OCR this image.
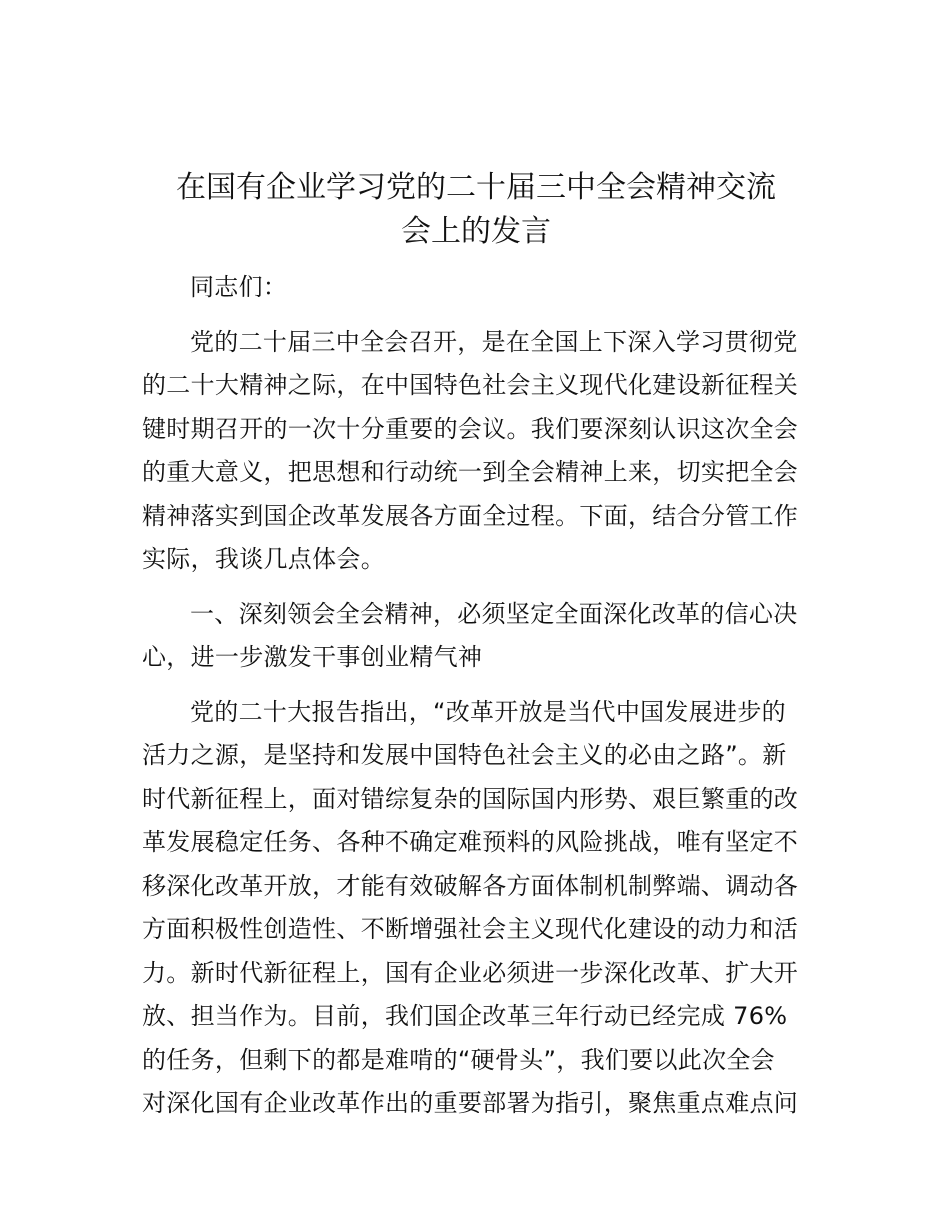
在国有企业学习党的二十届三中全会精神交流
会上的发言
同志们：
党的二十届三中全会召开，是在全国上下深入学习贯彻党
的二十大精神之际，在中国特色社会主义现代化建设新征程关
键时期召开的一次十分重要的会议。我们要深刻认识这次全会
的重大意义，把思想和行动统一到全会精神上来，切实把全会
精神落实到国企改革发展各方面全过程。下面，结合分管工作
实际，我谈几点体会。
一、深刻领会全会精神，必须坚定全面深化改革的信心决
心，进一步激发干事创业精气神
党的二十大报告指出，“改革开放是当代中国发展进步的
活力之源，是坚持和发展中国特色社会主义的必由之路”。新
时代新征程上，面对错综复杂的国际国内形势、艰巨繁重的改
革发展稳定任务、各种不确定难预料的风险挑战，唯有坚定不
移深化改革开放，才能有效破解各方面体制机制弊端、调动各
方面积极性创造性、不断增强社会主义现代化建设的动力和活
力。新时代新征程上，国有企业必须进一步深化改革、扩大开
放、担当作为。目前，我们国企改革三年行动已经完成 76%
的任务，但剩下的都是难啃的“硬骨头”，我们要以此次全会
对深化国有企业改革作出的重要部署为指引，聚焦重点难点问
